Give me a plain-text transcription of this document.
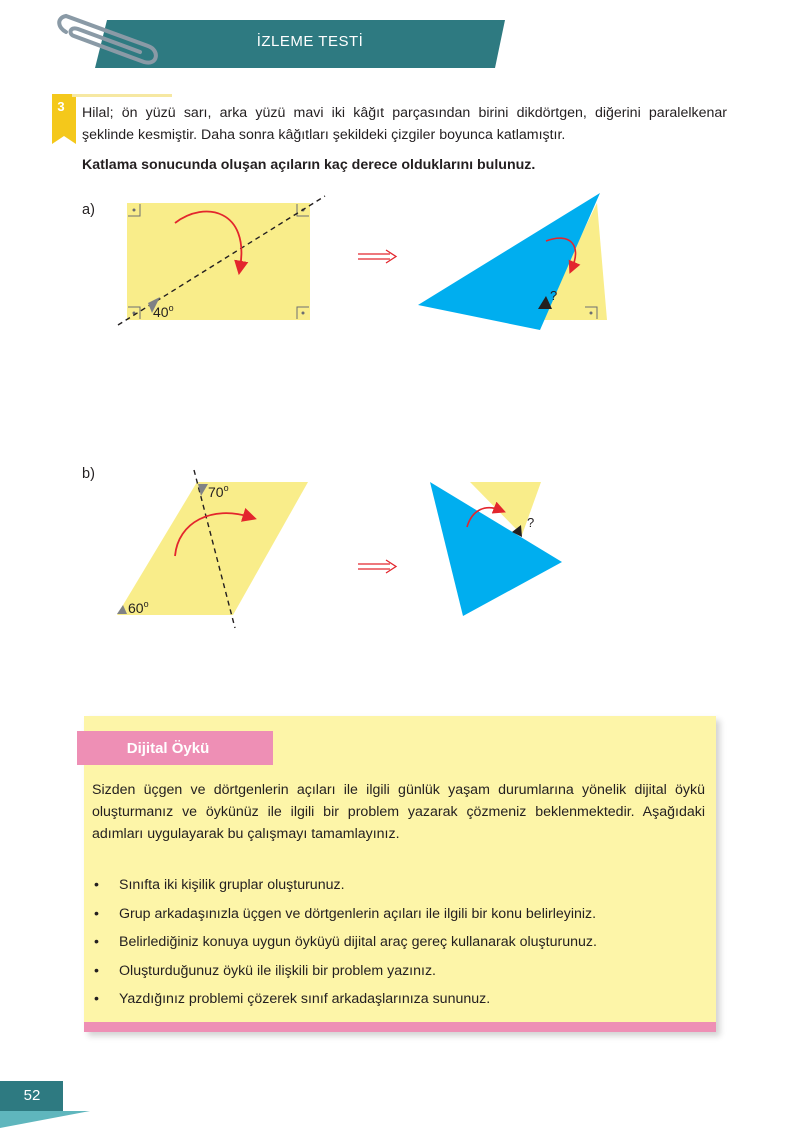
İZLEME TESTİ
3	Hilal; ön yüzü sarı, arka yüzü mavi iki kâğıt parçasından birini dikdörtgen, diğerini paralelkenar şeklinde kesmiştir. Daha sonra kâğıtları şekildeki çizgiler boyunca katlamıştır.
Katlama sonucunda oluşan açıların kaç derece olduklarını bulunuz.
a)
40$^o$
?
70$^o$
60$^o$
?
b)
Dijital Öykü
Sizden üçgen ve dörtgenlerin açıları ile ilgili günlük yaşam durumlarına yönelik dijital öykü oluşturmanız ve öykünüz ile ilgili bir problem yazarak çözmeniz beklenmektedir. Aşağıdaki adımları uygulayarak bu çalışmayı tamamlayınız.
• Sınıfta iki kişilik gruplar oluşturunuz.
• Grup arkadaşınızla üçgen ve dörtgenlerin açıları ile ilgili bir konu belirleyiniz.
• Belirlediğiniz konuya uygun öyküyü dijital araç gereç kullanarak oluşturunuz.
• Oluşturduğunuz öykü ile ilişkili bir problem yazınız.
• Yazdığınız problemi çözerek sınıf arkadaşlarınıza sununuz.
52
